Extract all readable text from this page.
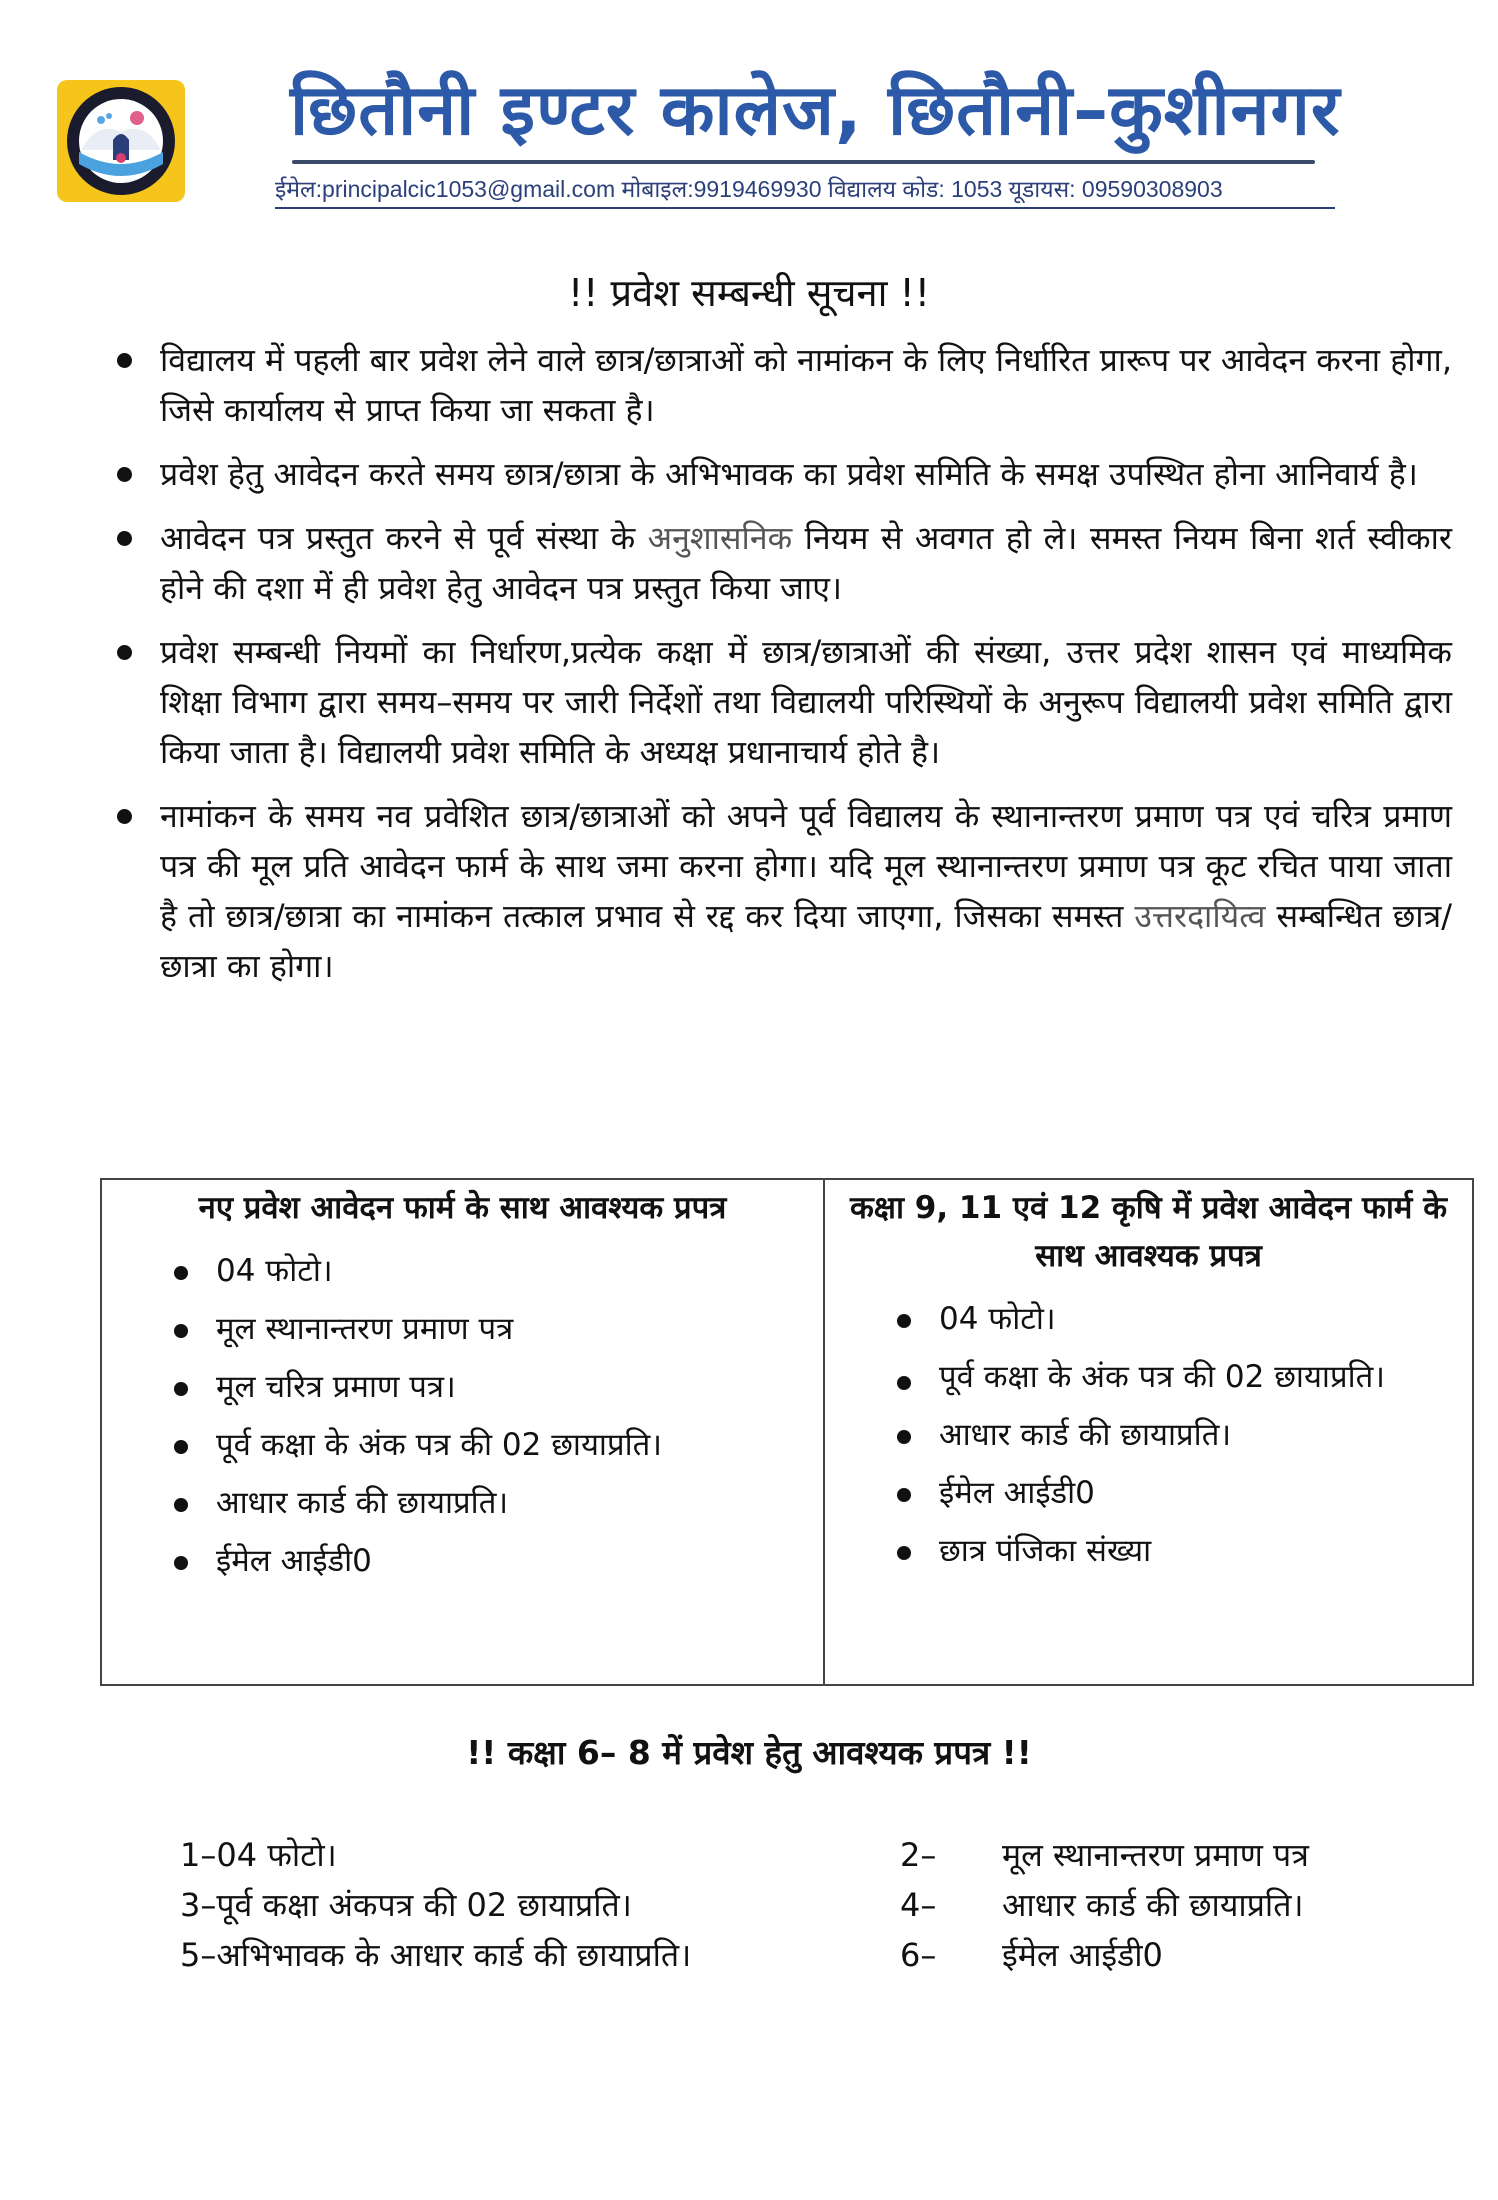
छितौनी इण्टर कालेज, छितौनी–कुशीनगर
ईमेल:principalcic1053@gmail.com मोबाइल:9919469930 विद्यालय कोड: 1053 यूडायस: 09590308903
!! प्रवेश सम्बन्धी सूचना !!
विद्यालय में पहली बार प्रवेश लेने वाले छात्र/छात्राओं को नामांकन के लिए निर्धारित प्रारूप पर आवेदन करना होगा, जिसे कार्यालय से प्राप्त किया जा सकता है।
प्रवेश हेतु आवेदन करते समय छात्र/छात्रा के अभिभावक का प्रवेश समिति के समक्ष उपस्थित होना आनिवार्य है।
आवेदन पत्र प्रस्तुत करने से पूर्व संस्था के अनुशासनिक नियम से अवगत हो ले। समस्त नियम बिना शर्त स्वीकार होने की दशा में ही प्रवेश हेतु आवेदन पत्र प्रस्तुत किया जाए।
प्रवेश सम्बन्धी नियमों का निर्धारण,प्रत्येक कक्षा में छात्र/छात्राओं की संख्या, उत्तर प्रदेश शासन एवं माध्यमिक शिक्षा विभाग द्वारा समय–समय पर जारी निर्देशों तथा विद्यालयी परिस्थियों के अनुरूप विद्यालयी प्रवेश समिति द्वारा किया जाता है। विद्यालयी प्रवेश समिति के अध्यक्ष प्रधानाचार्य होते है।
नामांकन के समय नव प्रवेशित छात्र/छात्राओं को अपने पूर्व विद्यालय के स्थानान्तरण प्रमाण पत्र एवं चरित्र प्रमाण पत्र की मूल प्रति आवेदन फार्म के साथ जमा करना होगा। यदि मूल स्थानान्तरण प्रमाण पत्र कूट रचित पाया जाता है तो छात्र/छात्रा का नामांकन तत्काल प्रभाव से रद्द कर दिया जाएगा, जिसका समस्त उत्तरदायित्व सम्बन्धित छात्र/छात्रा का होगा।
नए प्रवेश आवेदन फार्म के साथ आवश्यक प्रपत्र
04 फोटो।
मूल स्थानान्तरण प्रमाण पत्र
मूल चरित्र प्रमाण पत्र।
पूर्व कक्षा के अंक पत्र की 02 छायाप्रति।
आधार कार्ड की छायाप्रति।
ईमेल आईडी0
कक्षा 9, 11 एवं 12 कृषि में प्रवेश आवेदन फार्म के साथ आवश्यक प्रपत्र
04 फोटो।
पूर्व कक्षा के अंक पत्र की 02 छायाप्रति।
आधार कार्ड की छायाप्रति।
ईमेल आईडी0
छात्र पंजिका संख्या
!! कक्षा 6– 8 में प्रवेश हेतु आवश्यक प्रपत्र !!
1–04 फोटो।	2–	मूल स्थानान्तरण प्रमाण पत्र
3–पूर्व कक्षा अंकपत्र की 02 छायाप्रति।	4–	आधार कार्ड की छायाप्रति।
5–अभिभावक के आधार कार्ड की छायाप्रति।	6–	ईमेल आईडी0
